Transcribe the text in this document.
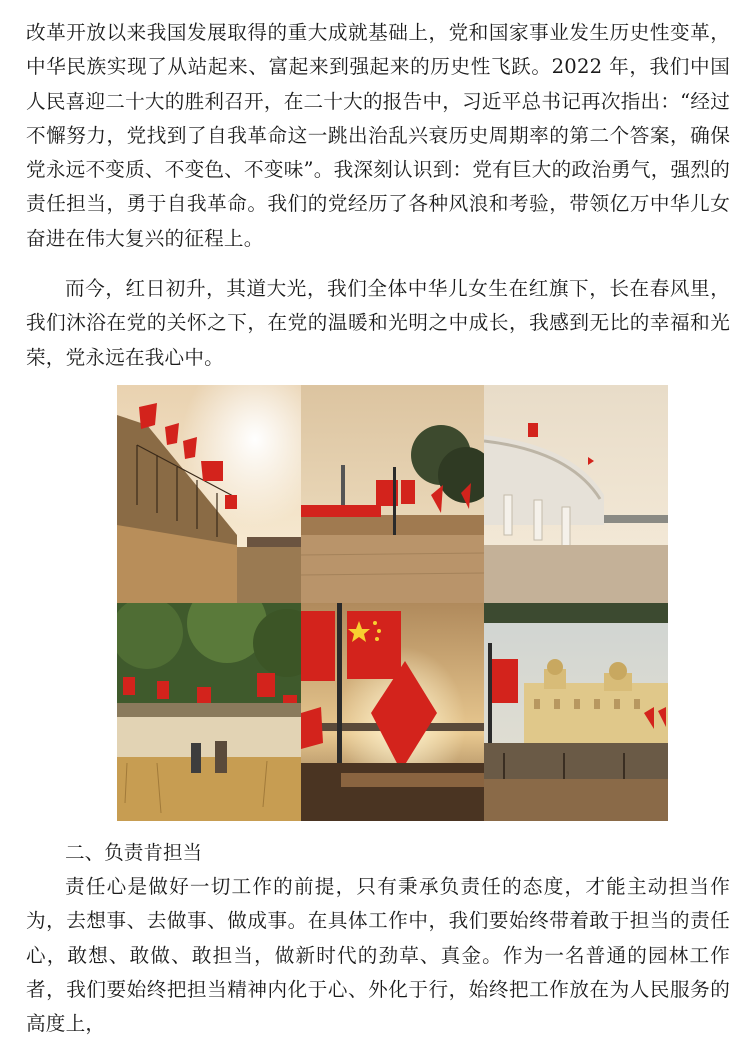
改革开放以来我国发展取得的重大成就基础上，党和国家事业发生历史性变革，中华民族实现了从站起来、富起来到强起来的历史性飞跃。2022 年，我们中国人民喜迎二十大的胜利召开，在二十大的报告中，习近平总书记再次指出：“经过不懈努力，党找到了自我革命这一跳出治乱兴衰历史周期率的第二个答案，确保党永远不变质、不变色、不变味”。我深刻认识到：党有巨大的政治勇气，强烈的责任担当，勇于自我革命。我们的党经历了各种风浪和考验，带领亿万中华儿女奋进在伟大复兴的征程上。

而今，红日初升，其道大光，我们全体中华儿女生在红旗下，长在春风里，我们沐浴在党的关怀之下，在党的温暖和光明之中成长，我感到无比的幸福和光荣，党永远在我心中。

二、负责肯担当

责任心是做好一切工作的前提，只有秉承负责任的态度，才能主动担当作为，去想事、去做事、做成事。在具体工作中，我们要始终带着敢于担当的责任心，敢想、敢做、敢担当，做新时代的劲草、真金。作为一名普通的园林工作者，我们要始终把担当精神内化于心、外化于行，始终把工作放在为人民服务的高度上，
